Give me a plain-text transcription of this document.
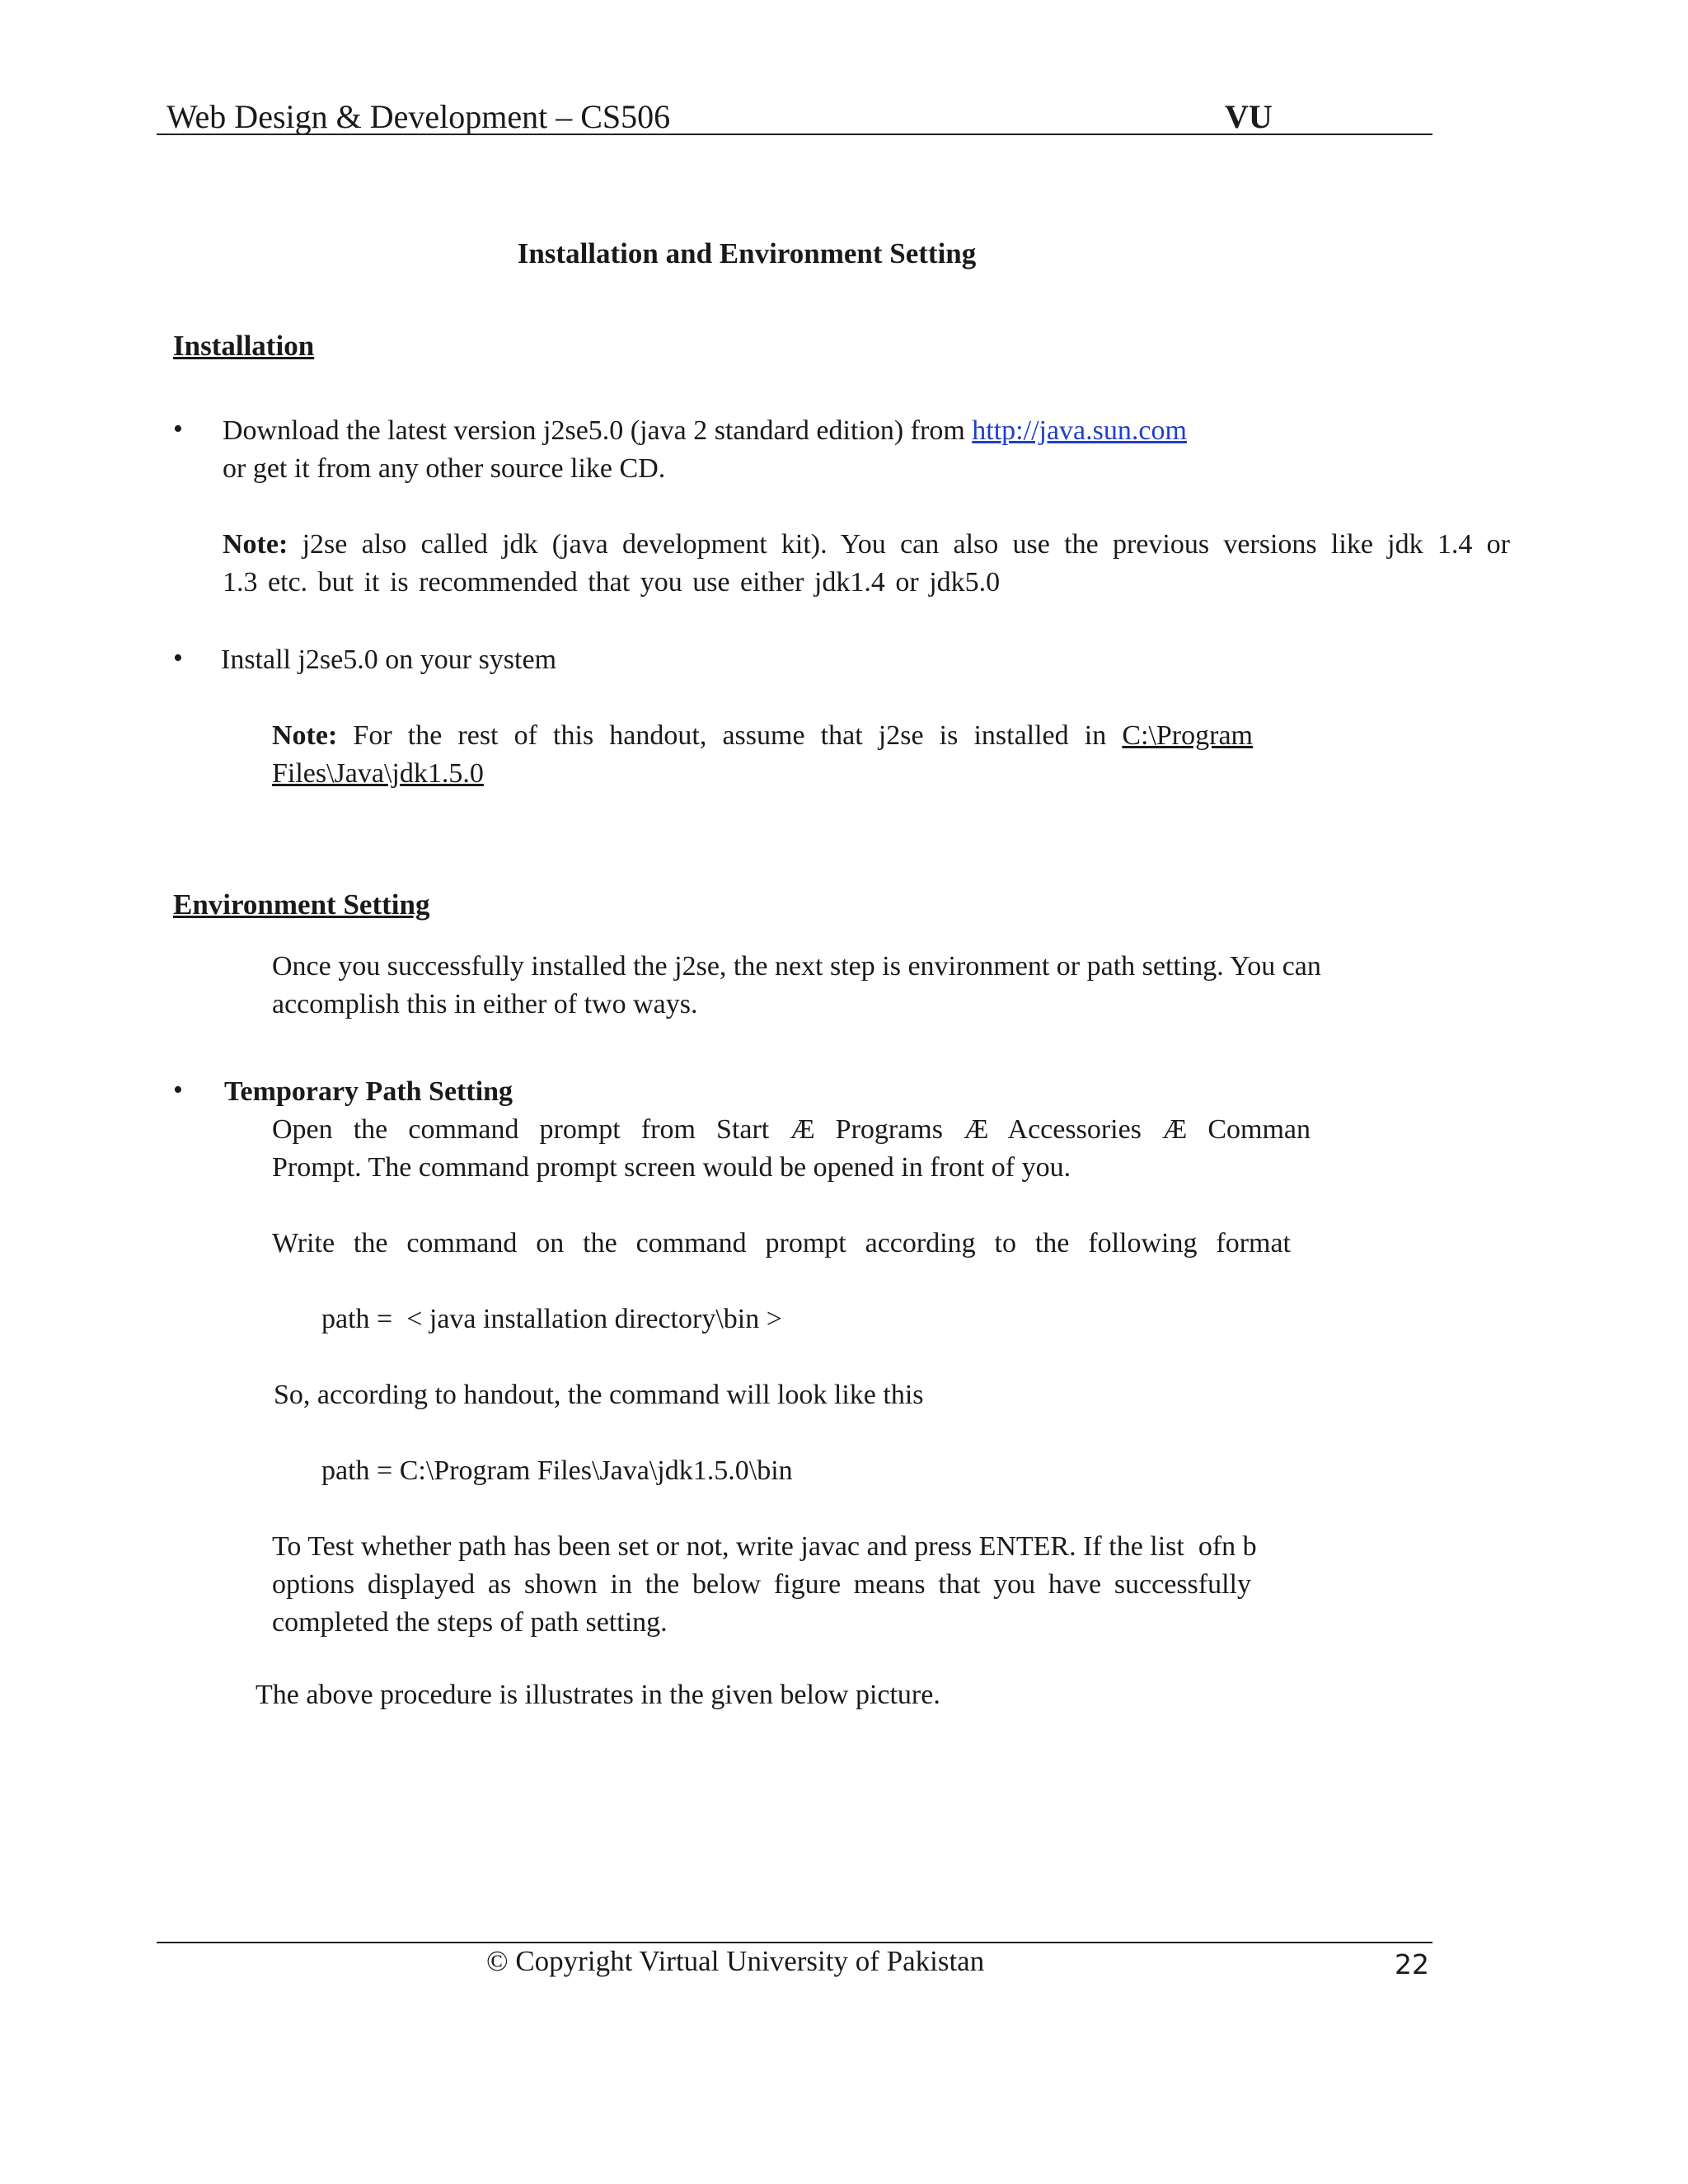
Web Design & Development – CS506	VU
Installation and Environment Setting
Installation
• Download the latest version j2se5.0 (java 2 standard edition) from http://java.sun.com
or get it from any other source like CD.
Note: j2se also called jdk (java development kit). You can also use the previous versions like jdk 1.4 or
1.3 etc. but it is recommended that you use either jdk1.4 or jdk5.0
• Install j2se5.0 on your system
Note: For the rest of this handout, assume that j2se is installed in C:\Program
Files\Java\jdk1.5.0
Environment Setting
Once you successfully installed the j2se, the next step is environment or path setting. You can
accomplish this in either of two ways.
• Temporary Path Setting
Open the command prompt from Start Æ Programs Æ Accessories Æ Comman
Prompt. The command prompt screen would be opened in front of you.
Write the command on the command prompt according to the following format
path =  < java installation directory\bin >
So, according to handout, the command will look like this
path = C:\Program Files\Java\jdk1.5.0\bin
To Test whether path has been set or not, write javac and press ENTER. If the list  ofn b
options displayed as shown in the below figure means that you have successfully
completed the steps of path setting.
The above procedure is illustrates in the given below picture.
© Copyright Virtual University of Pakistan	22
